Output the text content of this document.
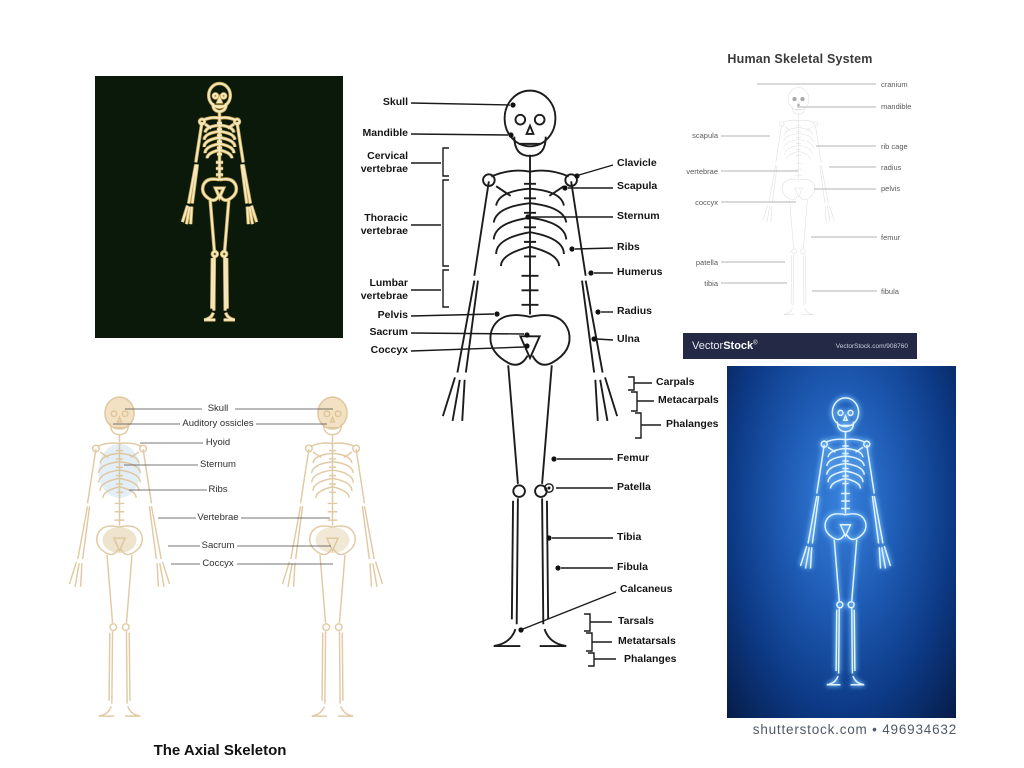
VectorStock®	VectorStock.com/908760
Skull
Mandible
Cervical vertebrae
Thoracic vertebrae
Lumbar vertebrae
Pelvis
Sacrum
Coccyx
Clavicle
Scapula
Sternum
Ribs
Humerus
Radius
Ulna
Carpals
Metacarpals
Phalanges
Femur
Patella
Tibia
Fibula
Calcaneus
Tarsals
Metatarsals
Phalanges
Human Skeletal System
scapula
vertebrae
coccyx
patella
tibia
cranium
mandible
rib cage
radius
pelvis
femur
fibula
Skull
Auditory ossicles
Hyoid
Sternum
Ribs
Vertebrae
Sacrum
Coccyx
The Axial Skeleton
shutterstock.com • 496934632
